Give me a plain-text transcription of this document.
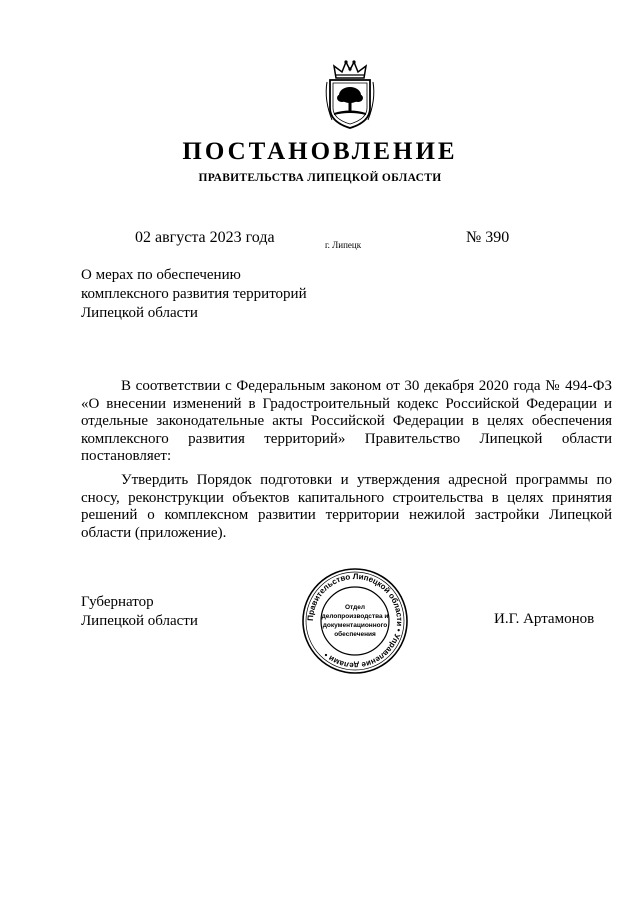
ПОСТАНОВЛЕНИЕ
ПРАВИТЕЛЬСТВА ЛИПЕЦКОЙ ОБЛАСТИ
02 августа 2023 года	г. Липецк	№ 390
О мерах по обеспечению
комплексного развития территорий
Липецкой области
В соответствии с Федеральным законом от 30 декабря 2020 года № 494-ФЗ «О внесении изменений в Градостроительный кодекс Российской Федерации и отдельные законодательные акты Российской Федерации в целях обеспечения комплексного развития территорий» Правительство Липецкой области постановляет:
Утвердить Порядок подготовки и утверждения адресной программы по сносу, реконструкции объектов капитального строительства в целях принятия решений о комплексном развитии территории нежилой застройки Липецкой области (приложение).
Губернатор
Липецкой области	И.Г. Артамонов
Правительство Липецкой области • Управление делами •
Отдел
делопроизводства и
документационного
обеспечения
